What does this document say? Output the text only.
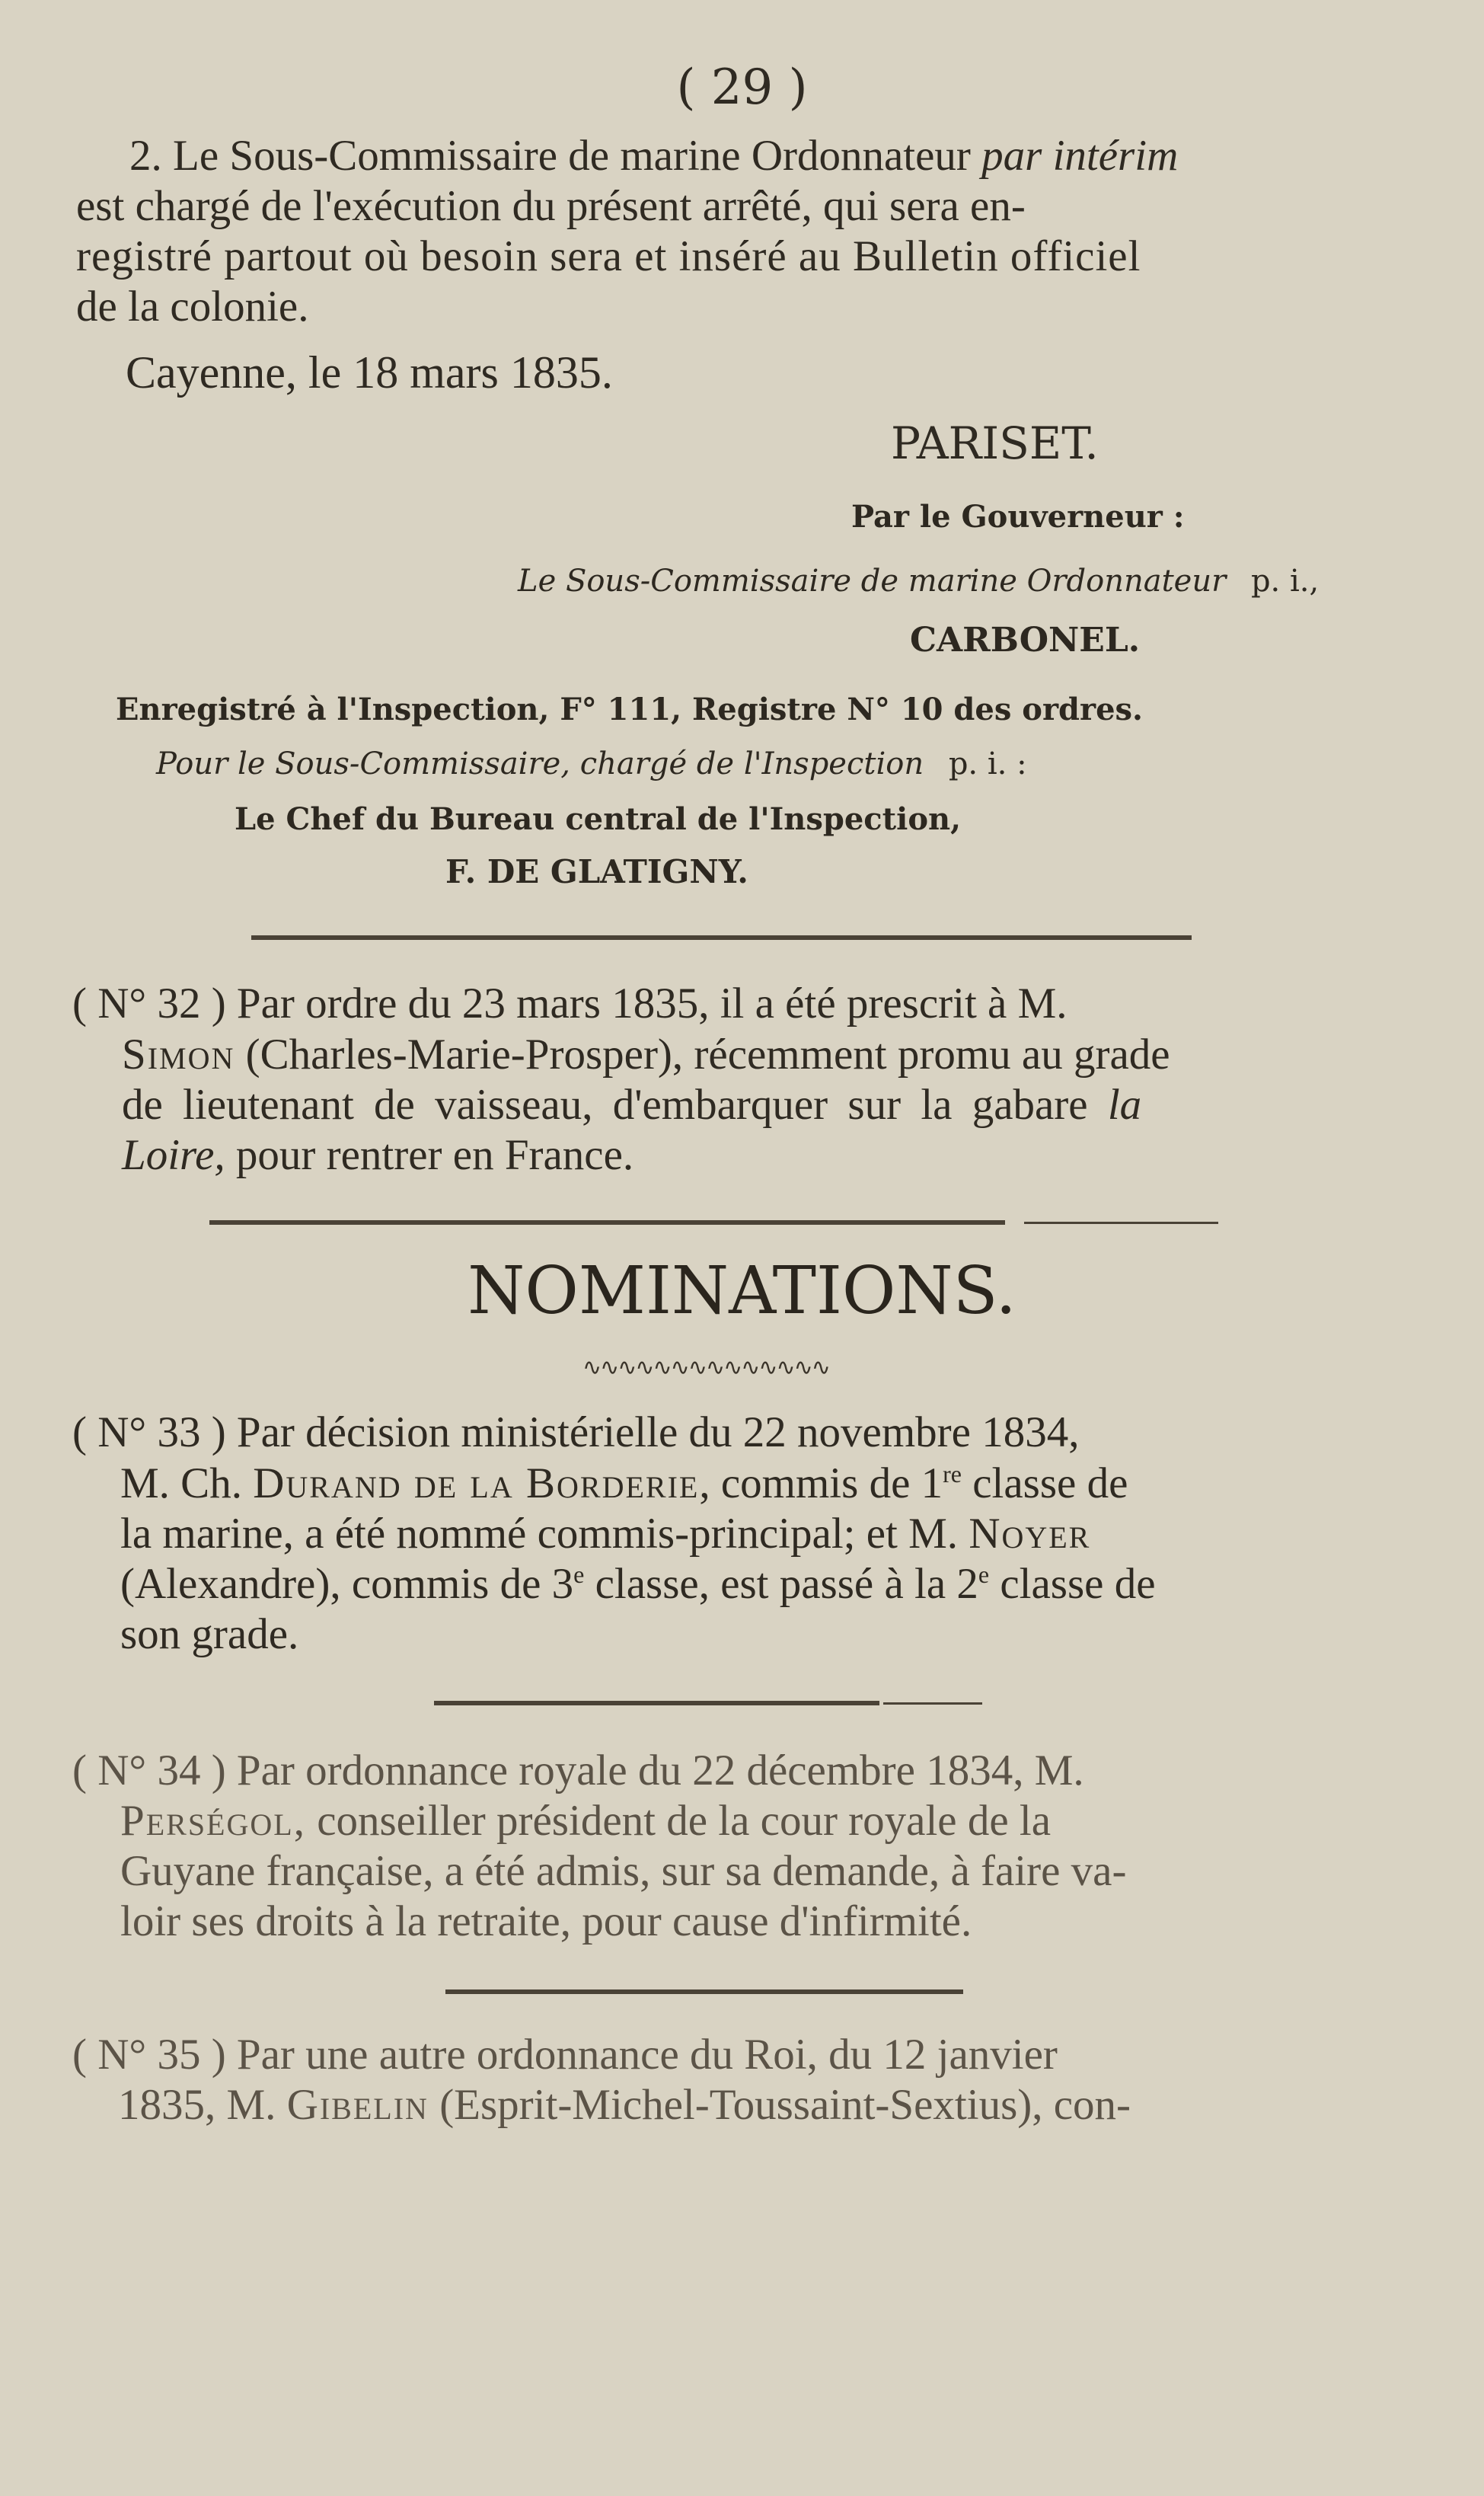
( 29 )
2. Le Sous-Commissaire de marine Ordonnateur par intérim
est chargé de l'exécution du présent arrêté, qui sera en-
registré partout où besoin sera et inséré au Bulletin officiel
de la colonie.
Cayenne, le 18 mars 1835.
PARISET.
Par le Gouverneur :
Le Sous-Commissaire de marine Ordonnateur p. i.,
CARBONEL.
Enregistré à l'Inspection, F° 111, Registre N° 10 des ordres.
Pour le Sous-Commissaire, chargé de l'Inspection p. i. :
Le Chef du Bureau central de l'Inspection,
F. DE GLATIGNY.
( N° 32 ) Par ordre du 23 mars 1835, il a été prescrit à M.
Simon (Charles-Marie-Prosper), récemment promu au grade
de lieutenant de vaisseau, d'embarquer sur la gabare la
Loire, pour rentrer en France.
NOMINATIONS.
∿∿∿∿∿∿∿∿∿∿∿∿∿∿
( N° 33 ) Par décision ministérielle du 22 novembre 1834,
M. Ch. Durand de la Borderie, commis de 1re classe de
la marine, a été nommé commis-principal; et M. Noyer
(Alexandre), commis de 3e classe, est passé à la 2e classe de
son grade.
( N° 34 ) Par ordonnance royale du 22 décembre 1834, M.
Perségol, conseiller président de la cour royale de la
Guyane française, a été admis, sur sa demande, à faire va-
loir ses droits à la retraite, pour cause d'infirmité.
( N° 35 ) Par une autre ordonnance du Roi, du 12 janvier
1835, M. Gibelin (Esprit-Michel-Toussaint-Sextius), con-
